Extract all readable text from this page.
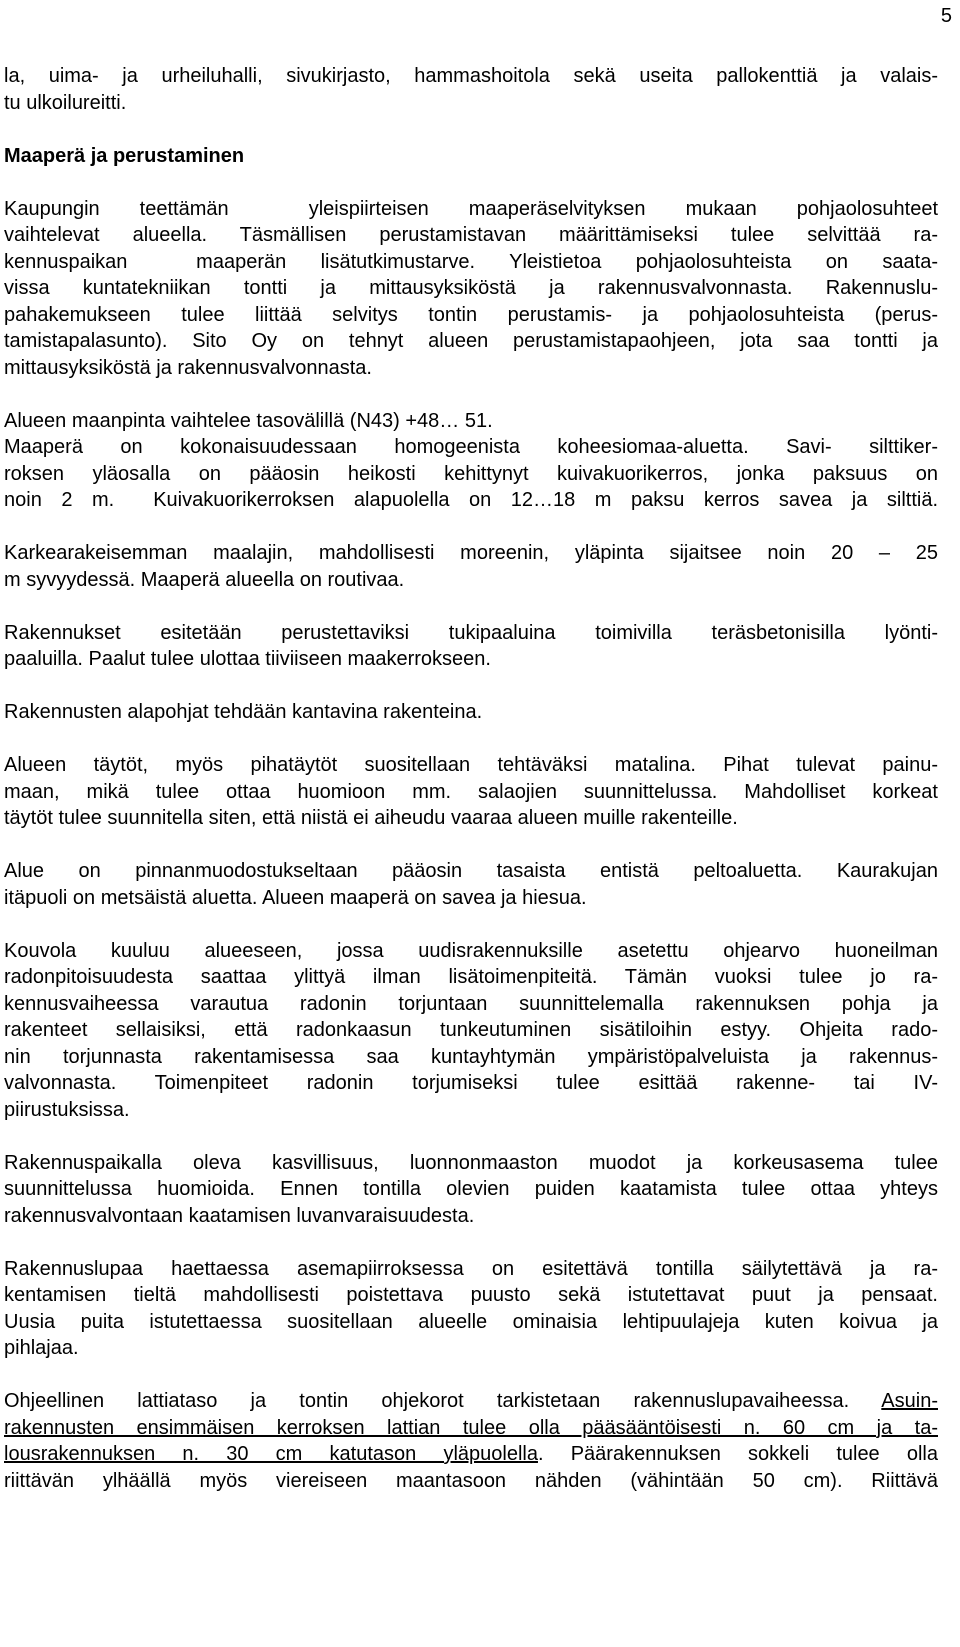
5
la, uima- ja urheiluhalli, sivukirjasto, hammashoitola sekä useita pallokenttiä ja valais-
tu ulkoilureitti.
Maaperä ja perustaminen
Kaupungin teettämän  yleispiirteisen maaperäselvityksen mukaan pohjaolosuhteet
vaihtelevat alueella. Täsmällisen perustamistavan määrittämiseksi tulee selvittää ra-
kennuspaikan  maaperän lisätutkimustarve. Yleistietoa pohjaolosuhteista on saata-
vissa kuntatekniikan tontti ja mittausyksiköstä ja rakennusvalvonnasta. Rakennuslu-
pahakemukseen tulee liittää selvitys tontin perustamis- ja pohjaolosuhteista (perus-
tamistapalasunto). Sito Oy on tehnyt alueen perustamistapaohjeen, jota saa tontti ja
mittausyksiköstä ja rakennusvalvonnasta.
Alueen maanpinta vaihtelee tasovälillä (N43) +48… 51.
Maaperä on kokonaisuudessaan homogeenista koheesiomaa-aluetta. Savi- silttiker-
roksen yläosalla on pääosin heikosti kehittynyt kuivakuorikerros, jonka paksuus on
noin 2 m.  Kuivakuorikerroksen alapuolella on 12…18 m paksu kerros savea ja silttiä.
Karkearakeisemman maalajin, mahdollisesti moreenin, yläpinta sijaitsee noin 20 – 25
m syvyydessä. Maaperä alueella on routivaa.
Rakennukset esitetään perustettaviksi tukipaaluina toimivilla teräsbetonisilla lyönti-
paaluilla. Paalut tulee ulottaa tiiviiseen maakerrokseen.
Rakennusten alapohjat tehdään kantavina rakenteina.
Alueen täytöt, myös pihatäytöt suositellaan tehtäväksi matalina. Pihat tulevat painu-
maan, mikä tulee ottaa huomioon mm. salaojien suunnittelussa. Mahdolliset korkeat
täytöt tulee suunnitella siten, että niistä ei aiheudu vaaraa alueen muille rakenteille.
Alue on pinnanmuodostukseltaan pääosin tasaista entistä peltoaluetta. Kaurakujan
itäpuoli on metsäistä aluetta. Alueen maaperä on savea ja hiesua.
Kouvola kuuluu alueeseen, jossa uudisrakennuksille asetettu ohjearvo huoneilman
radonpitoisuudesta saattaa ylittyä ilman lisätoimenpiteitä. Tämän vuoksi tulee jo ra-
kennusvaiheessa varautua radonin torjuntaan suunnittelemalla rakennuksen pohja ja
rakenteet sellaisiksi, että radonkaasun tunkeutuminen sisätiloihin estyy. Ohjeita rado-
nin torjunnasta rakentamisessa saa kuntayhtymän ympäristöpalveluista ja rakennus-
valvonnasta. Toimenpiteet radonin torjumiseksi tulee esittää rakenne- tai IV-
piirustuksissa.
Rakennuspaikalla oleva kasvillisuus, luonnonmaaston muodot ja korkeusasema tulee
suunnittelussa huomioida. Ennen tontilla olevien puiden kaatamista tulee ottaa yhteys
rakennusvalvontaan kaatamisen luvanvaraisuudesta.
Rakennuslupaa haettaessa asemapiirroksessa on esitettävä tontilla säilytettävä ja ra-
kentamisen tieltä mahdollisesti poistettava puusto sekä istutettavat puut ja pensaat.
Uusia puita istutettaessa suositellaan alueelle ominaisia lehtipuulajeja kuten koivua ja
pihlajaa.
Ohjeellinen lattiataso ja tontin ohjekorot tarkistetaan rakennuslupavaiheessa. Asuin-
rakennusten ensimmäisen kerroksen lattian tulee olla pääsääntöisesti n. 60 cm ja ta-
lousrakennuksen n. 30 cm katutason yläpuolella. Päärakennuksen sokkeli tulee olla
riittävän ylhäällä myös viereiseen maantasoon nähden (vähintään 50 cm). Riittävä
